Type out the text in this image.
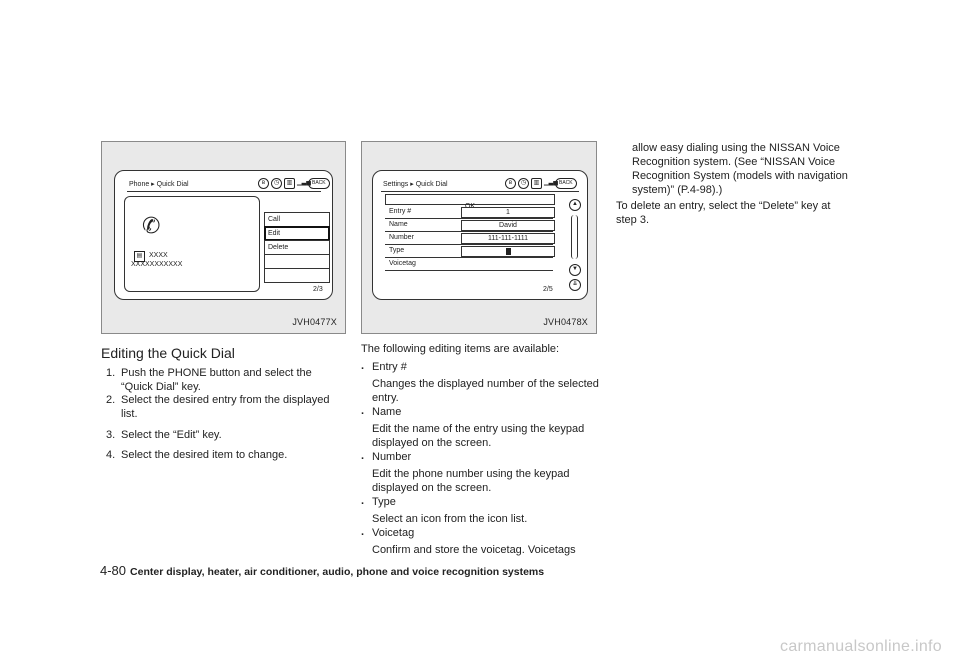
Phone ▸ Quick Dial	ʙ	◷	▥ ▁▃▅ BACK
✆
▤ XXXX
XXXXXXXXXXX
Call
Edit
Delete
2/3
JVH0477X
Settings ▸ Quick Dial	ʙ	◷	▥ ▁▃▅ BACK
OK
Entry #	1
Name	David
Number	111-111-1111
Type
Voicetag
▲
▼
⇊
2/5
JVH0478X
Editing the Quick Dial
1. Push the PHONE button and select the “Quick Dial” key.
2. Select the desired entry from the displayed list.
3. Select the “Edit” key.
4. Select the desired item to change.
The following editing items are available:
. Entry #
Changes the displayed number of the selected entry.
. Name
Edit the name of the entry using the keypad displayed on the screen.
. Number
Edit the phone number using the keypad displayed on the screen.
. Type
Select an icon from the icon list.
. Voicetag
Confirm and store the voicetag. Voicetags
allow easy dialing using the NISSAN Voice Recognition system. (See “NISSAN Voice Recognition System (models with navigation system)” (P.4-98).)
To delete an entry, select the “Delete” key at step 3.
4-80 Center display, heater, air conditioner, audio, phone and voice recognition systems
carmanualsonline.info
